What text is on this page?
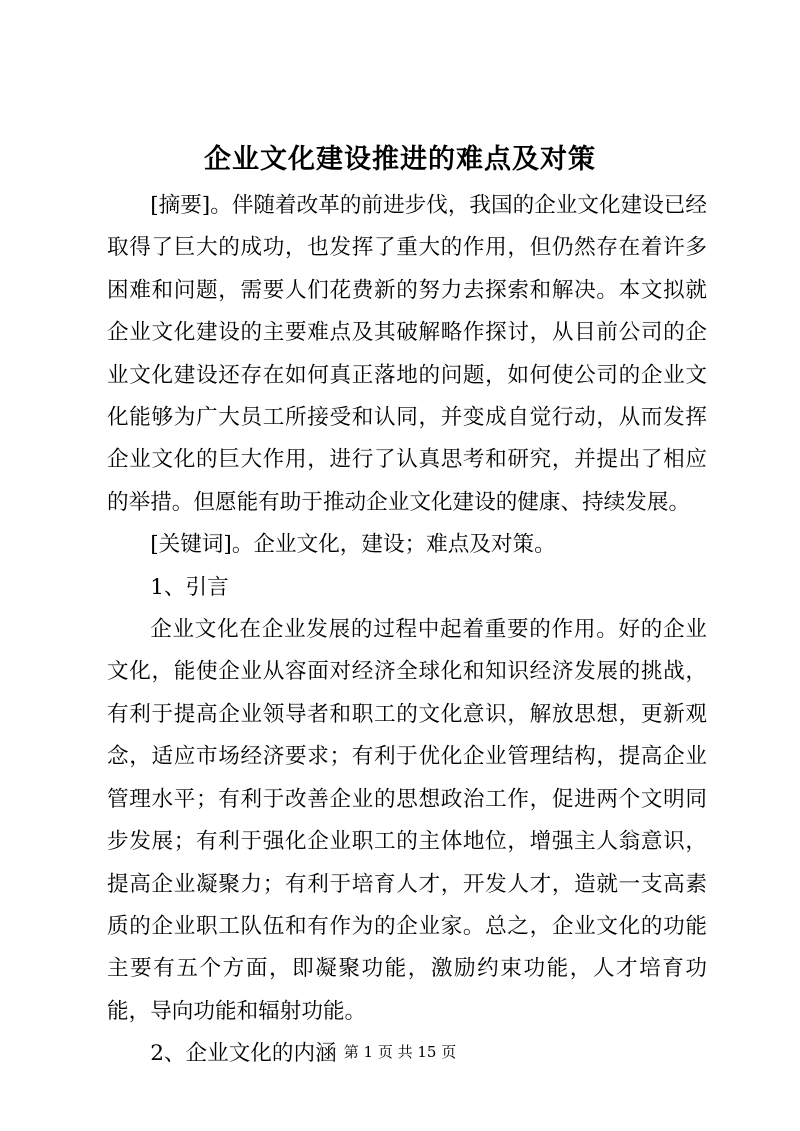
企业文化建设推进的难点及对策

[摘要]。伴随着改革的前进步伐，我国的企业文化建设已经取得了巨大的成功，也发挥了重大的作用，但仍然存在着许多困难和问题，需要人们花费新的努力去探索和解决。本文拟就企业文化建设的主要难点及其破解略作探讨，从目前公司的企业文化建设还存在如何真正落地的问题，如何使公司的企业文化能够为广大员工所接受和认同，并变成自觉行动，从而发挥企业文化的巨大作用，进行了认真思考和研究，并提出了相应的举措。但愿能有助于推动企业文化建设的健康、持续发展。

[关键词]。企业文化，建设；难点及对策。

1、引言

企业文化在企业发展的过程中起着重要的作用。好的企业文化，能使企业从容面对经济全球化和知识经济发展的挑战，有利于提高企业领导者和职工的文化意识，解放思想，更新观念，适应市场经济要求；有利于优化企业管理结构，提高企业管理水平；有利于改善企业的思想政治工作，促进两个文明同步发展；有利于强化企业职工的主体地位，增强主人翁意识，提高企业凝聚力；有利于培育人才，开发人才，造就一支高素质的企业职工队伍和有作为的企业家。总之，企业文化的功能主要有五个方面，即凝聚功能，激励约束功能，人才培育功能，导向功能和辐射功能。

2、企业文化的内涵 第 1 页 共 15 页
